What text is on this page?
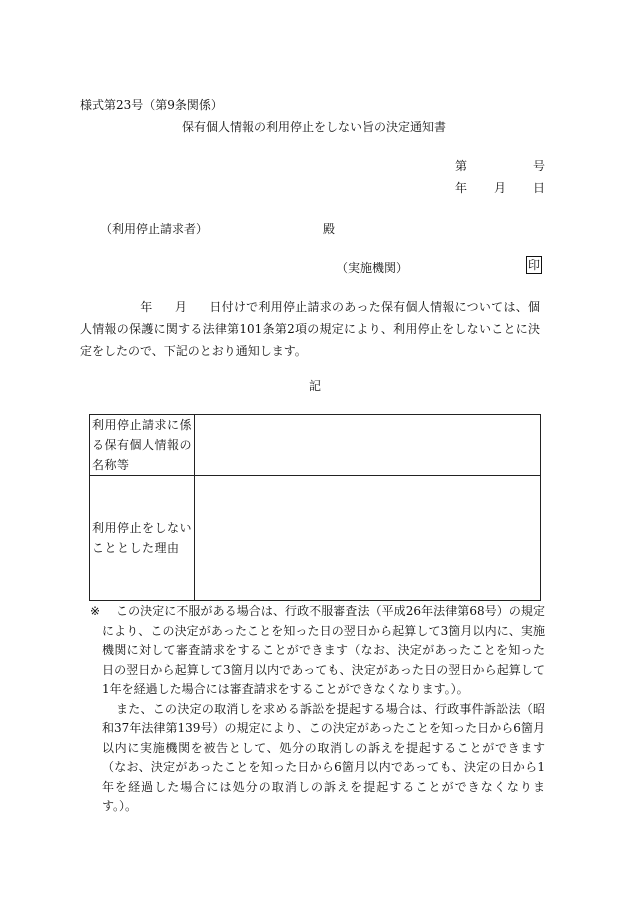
様式第23号（第9条関係）
保有個人情報の利用停止をしない旨の決定通知書
第	号
年 月 日
（利用停止請求者）	殿
（実施機関）	印
年 月 日付けで利用停止請求のあった保有個人情報については、個人情報の保護に関する法律第101条第2項の規定により、利用停止をしないことに決定をしたので、下記のとおり通知します。
記
利用停止請求に係る保有個人情報の名称等	
利用停止をしないこととした理由	
※	この決定に不服がある場合は、行政不服審査法（平成26年法律第68号）の規定により、この決定があったことを知った日の翌日から起算して3箇月以内に、実施機関に対して審査請求をすることができます（なお、決定があったことを知った日の翌日から起算して3箇月以内であっても、決定があった日の翌日から起算して1年を経過した場合には審査請求をすることができなくなります。）。

また、この決定の取消しを求める訴訟を提起する場合は、行政事件訴訟法（昭和37年法律第139号）の規定により、この決定があったことを知った日から6箇月以内に実施機関を被告として、処分の取消しの訴えを提起することができます（なお、決定があったことを知った日から6箇月以内であっても、決定の日から1年を経過した場合には処分の取消しの訴えを提起することができなくなります。）。
